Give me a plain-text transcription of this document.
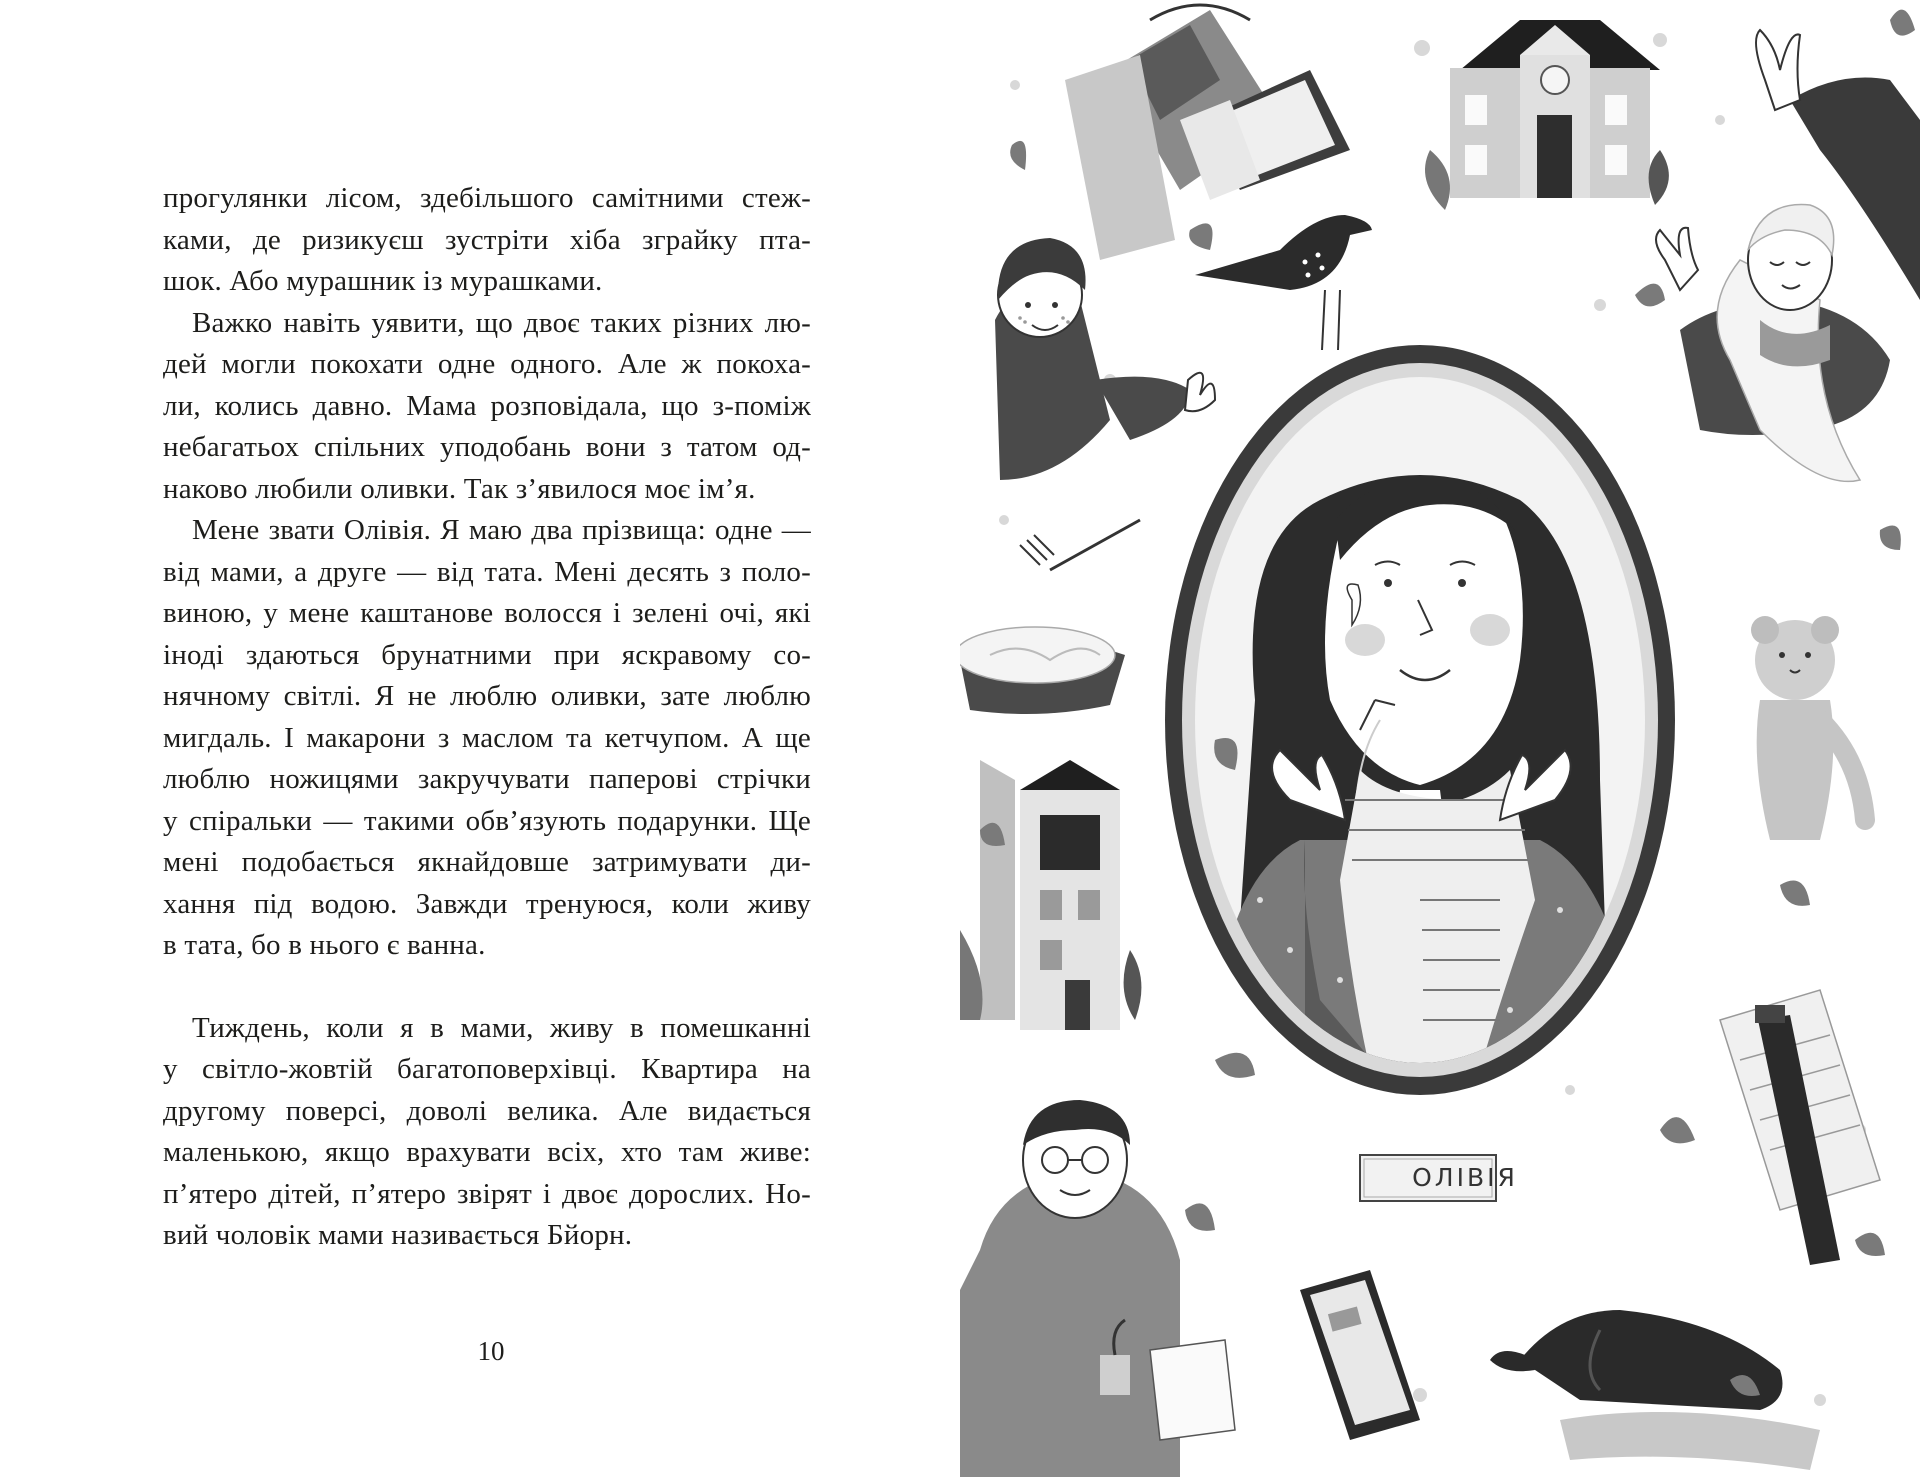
прогулянки лісом, здебільшого самітними стеж-
ками, де ризикуєш зустріти хіба зграйку пта-
шок. Або мурашник із мурашками.

Важко навіть уявити, що двоє таких різних лю-
дей могли покохати одне одного. Але ж покоха-
ли, колись давно. Мама розповідала, що з-поміж
небагатьох спільних уподобань вони з татом од-
наково любили оливки. Так з’явилося моє ім’я.

Мене звати Олівія. Я маю два прізвища: одне —
від мами, а друге — від тата. Мені десять з поло-
виною, у мене каштанове волосся і зелені очі, які
іноді здаються брунатними при яскравому со-
нячному світлі. Я не люблю оливки, зате люблю
мигдаль. І макарони з маслом та кетчупом. А ще
люблю ножицями закручувати паперові стрічки
у спіральки — такими обв’язують подарунки. Ще
мені подобається якнайдовше затримувати ди-
хання під водою. Завжди тренуюся, коли живу
в тата, бо в нього є ванна.

Тиждень, коли я в мами, живу в помешканні
у світло-жовтій багатоповерхівці. Квартира на
другому поверсі, доволі велика. Але видається
маленькою, якщо врахувати всіх, хто там живе:
п’ятеро дітей, п’ятеро звірят і двоє дорослих. Но-
вий чоловік мами називається Бйорн.

10
ОЛІВІЯ
